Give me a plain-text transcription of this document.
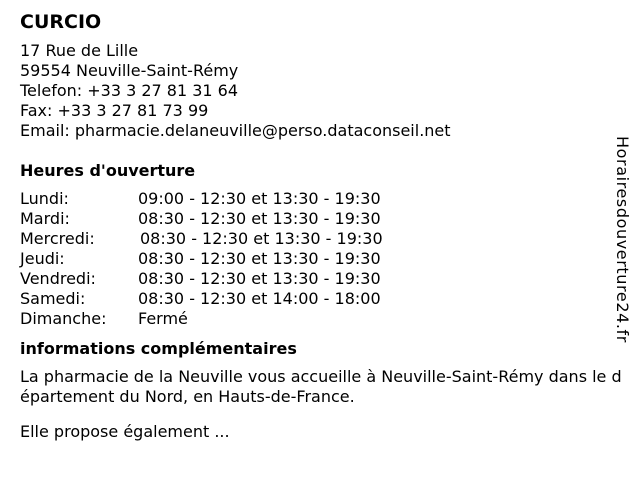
CURCIO
17 Rue de Lille
59554 Neuville-Saint-Rémy
Telefon: +33 3 27 81 31 64
Fax: +33 3 27 81 73 99
Email: pharmacie.delaneuville@perso.dataconseil.net
Heures d'ouverture
Lundi:	09:00 - 12:30 et 13:30 - 19:30
Mardi:	08:30 - 12:30 et 13:30 - 19:30
Mercredi:	08:30 - 12:30 et 13:30 - 19:30
Jeudi:	08:30 - 12:30 et 13:30 - 19:30
Vendredi:	08:30 - 12:30 et 13:30 - 19:30
Samedi:	08:30 - 12:30 et 14:00 - 18:00
Dimanche:	Fermé
informations complémentaires

La pharmacie de la Neuville vous accueille à Neuville-Saint-Rémy dans le département du Nord, en Hauts-de-France.

Elle propose également ...

Horairesdouverture24.fr
